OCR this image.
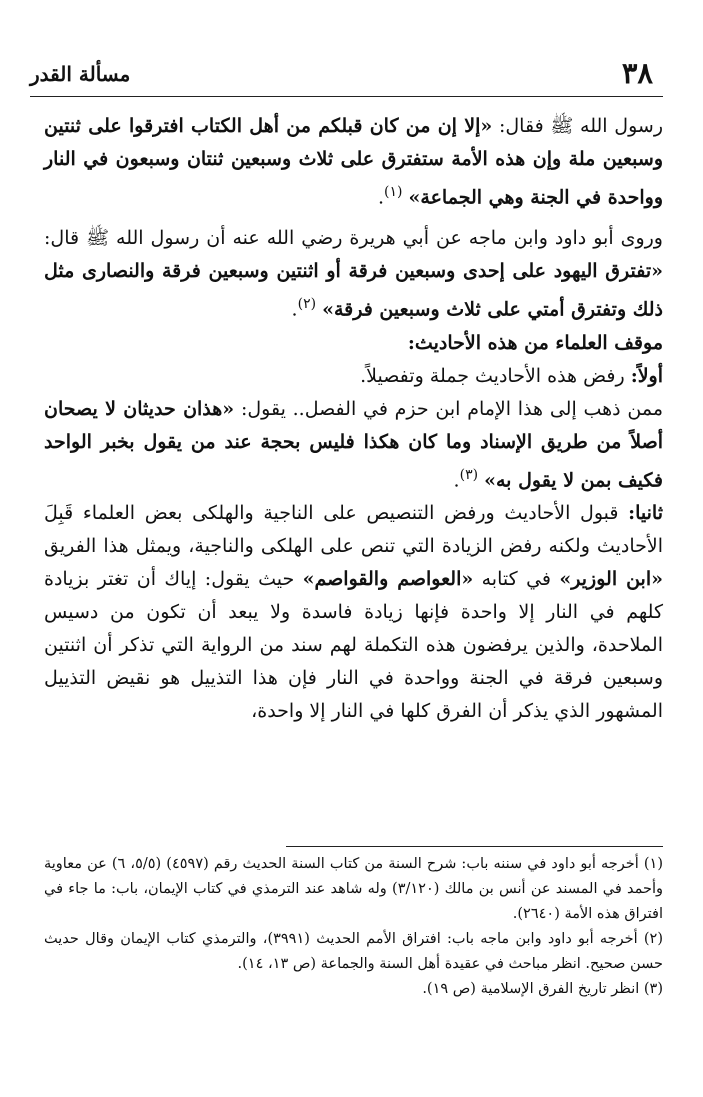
٣٨
مسألة القدر

رسول الله ﷺ فقال: «إلا إن من كان قبلكم من أهل الكتاب افترقوا على ثنتين وسبعين ملة وإن هذه الأمة ستفترق على ثلاث وسبعين ثنتان وسبعون في النار وواحدة في الجنة وهي الجماعة» $^{(١)}$.

وروى أبو داود وابن ماجه عن أبي هريرة رضي الله عنه أن رسول الله ﷺ قال: «تفترق اليهود على إحدى وسبعين فرقة أو اثنتين وسبعين فرقة والنصارى مثل ذلك وتفترق أمتي على ثلاث وسبعين فرقة» $^{(٢)}$.

موقف العلماء من هذه الأحاديث:

أولاً: رفض هذه الأحاديث جملة وتفصيلاً.

ممن ذهب إلى هذا الإمام ابن حزم في الفصل.. يقول: «هذان حديثان لا يصحان أصلاً من طريق الإسناد وما كان هكذا فليس بحجة عند من يقول بخبر الواحد فكيف بمن لا يقول به» $^{(٣)}$.

ثانيا: قبول الأحاديث ورفض التنصيص على الناجية والهلكى بعض العلماء قَبِلَ الأحاديث ولكنه رفض الزيادة التي تنص على الهلكى والناجية، ويمثل هذا الفريق «ابن الوزير» في كتابه «العواصم والقواصم» حيث يقول: إياك أن تغتر بزيادة كلهم في النار إلا واحدة فإنها زيادة فاسدة ولا يبعد أن تكون من دسيس الملاحدة، والذين يرفضون هذه التكملة لهم سند من الرواية التي تذكر أن اثنتين وسبعين فرقة في الجنة وواحدة في النار فإن هذا التذييل هو نقيض التذييل المشهور الذي يذكر أن الفرق كلها في النار إلا واحدة،

(١) أخرجه أبو داود في سننه باب: شرح السنة من كتاب السنة الحديث رقم (٤٥٩٧) (٥/٥، ٦) عن معاوية وأحمد في المسند عن أنس بن مالك (٣/١٢٠) وله شاهد عند الترمذي في كتاب الإيمان، باب: ما جاء في افتراق هذه الأمة (٢٦٤٠).

(٢) أخرجه أبو داود وابن ماجه باب: افتراق الأمم الحديث (٣٩٩١)، والترمذي كتاب الإيمان وقال حديث حسن صحيح. انظر مباحث في عقيدة أهل السنة والجماعة (ص ١٣، ١٤).

(٣) انظر تاريخ الفرق الإسلامية (ص ١٩).
